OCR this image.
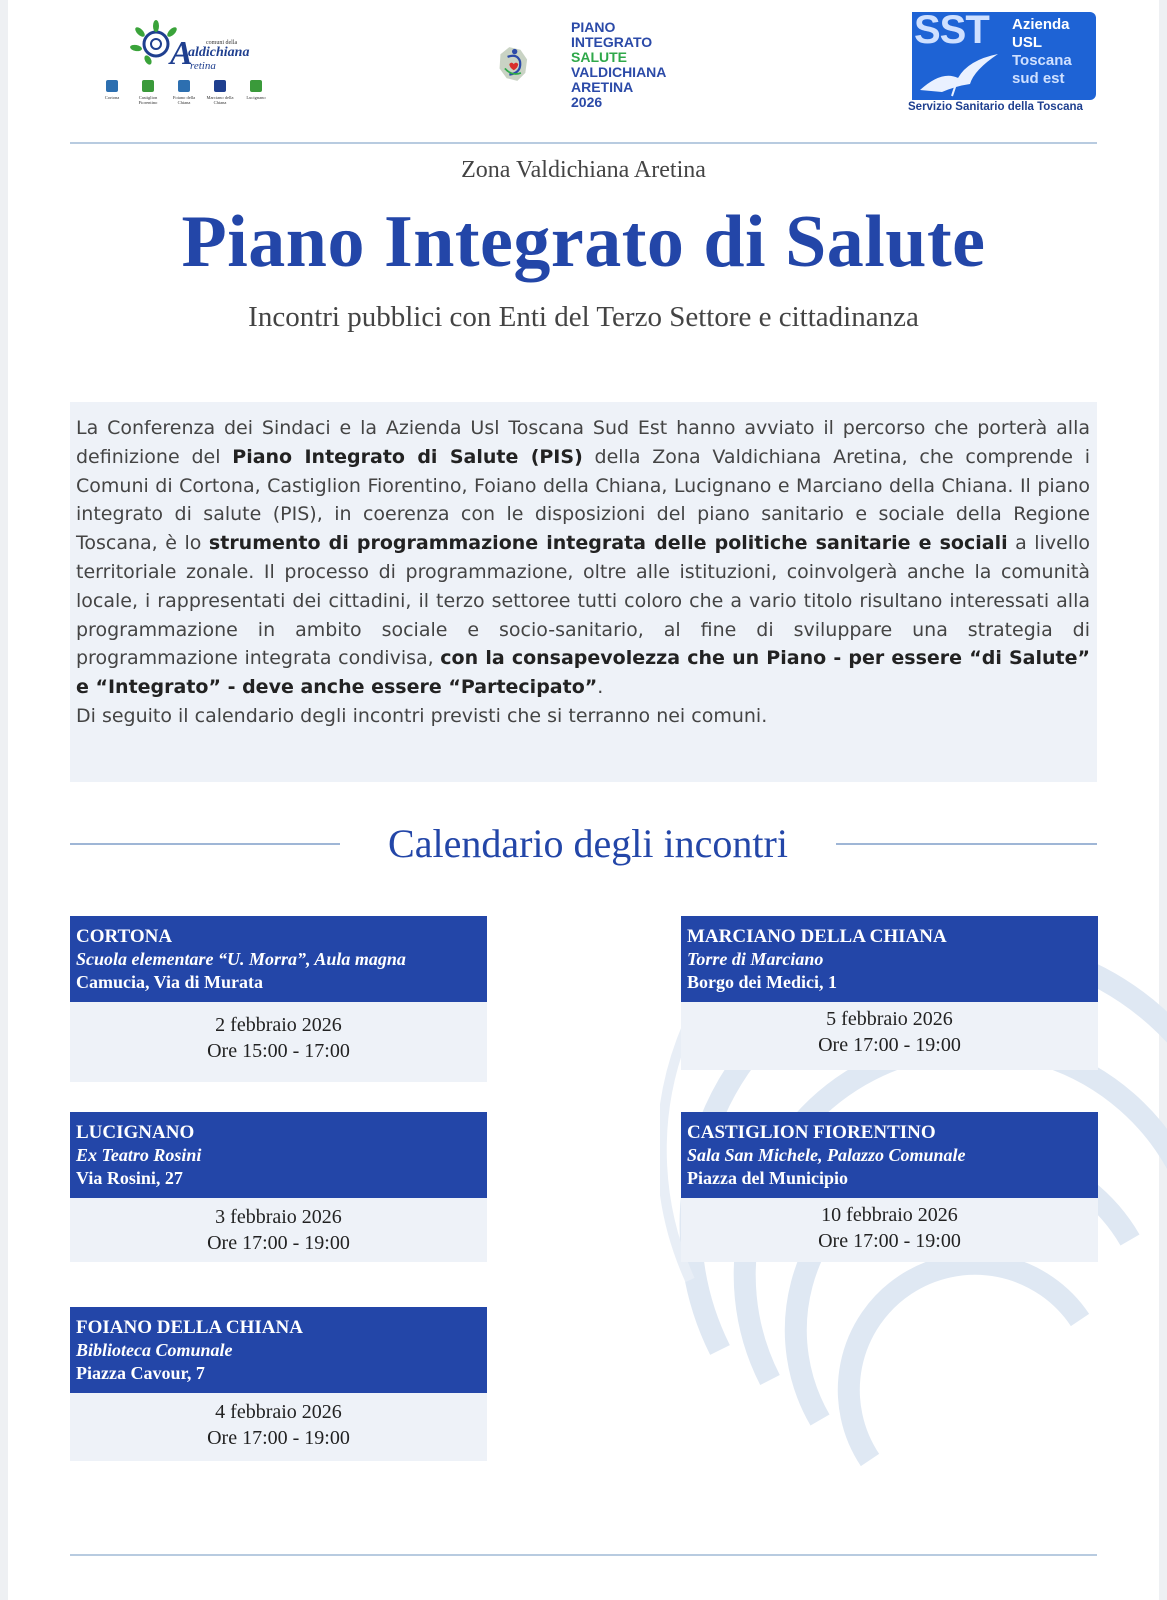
A
aldichiana
retina
comuni della
Cortona	Castiglion
Fiorentino
Foiano della
Chiana
Marciano della
Chiana
Lucignano
PIANO
INTEGRATO
SALUTE
VALDICHIANA
ARETINA
2026
SST Azienda
USL
Toscana
sud est
Servizio Sanitario della Toscana
Zona Valdichiana Aretina
Piano Integrato di Salute
Incontri pubblici con Enti del Terzo Settore e cittadinanza
La Conferenza dei Sindaci e la Azienda Usl Toscana Sud Est hanno avviato il percorso che porterà alla definizione del Piano Integrato di Salute (PIS) della Zona Valdichiana Aretina, che comprende i Comuni di Cortona, Castiglion Fiorentino, Foiano della Chiana, Lucignano e Marciano della Chiana. Il piano integrato di salute (PIS), in coerenza con le disposizioni del piano sanitario e sociale della Regione Toscana, è lo strumento di programmazione integrata delle politiche sanitarie e sociali a livello territoriale zonale. Il processo di programmazione, oltre alle istituzioni, coinvolgerà anche la comunità locale, i rappresentati dei cittadini, il terzo settoree tutti coloro che a vario titolo risultano interessati alla programmazione in ambito sociale e socio-sanitario, al fine di sviluppare una strategia di programmazione integrata condivisa, con la consapevolezza che un Piano - per essere “di Salute” e “Integrato” - deve anche essere “Partecipato”.
Di seguito il calendario degli incontri previsti che si terranno nei comuni.
Calendario degli incontri
CORTONA
Scuola elementare “U. Morra”, Aula magna
Camucia, Via di Murata
2 febbraio 2026
Ore 15:00 - 17:00
MARCIANO DELLA CHIANA
Torre di Marciano
Borgo dei Medici, 1
5 febbraio 2026
Ore 17:00 - 19:00
LUCIGNANO
Ex Teatro Rosini
Via Rosini, 27
3 febbraio 2026
Ore 17:00 - 19:00
CASTIGLION FIORENTINO
Sala San Michele, Palazzo Comunale
Piazza del Municipio
10 febbraio 2026
Ore 17:00 - 19:00
FOIANO DELLA CHIANA
Biblioteca Comunale
Piazza Cavour, 7
4 febbraio 2026
Ore 17:00 - 19:00
